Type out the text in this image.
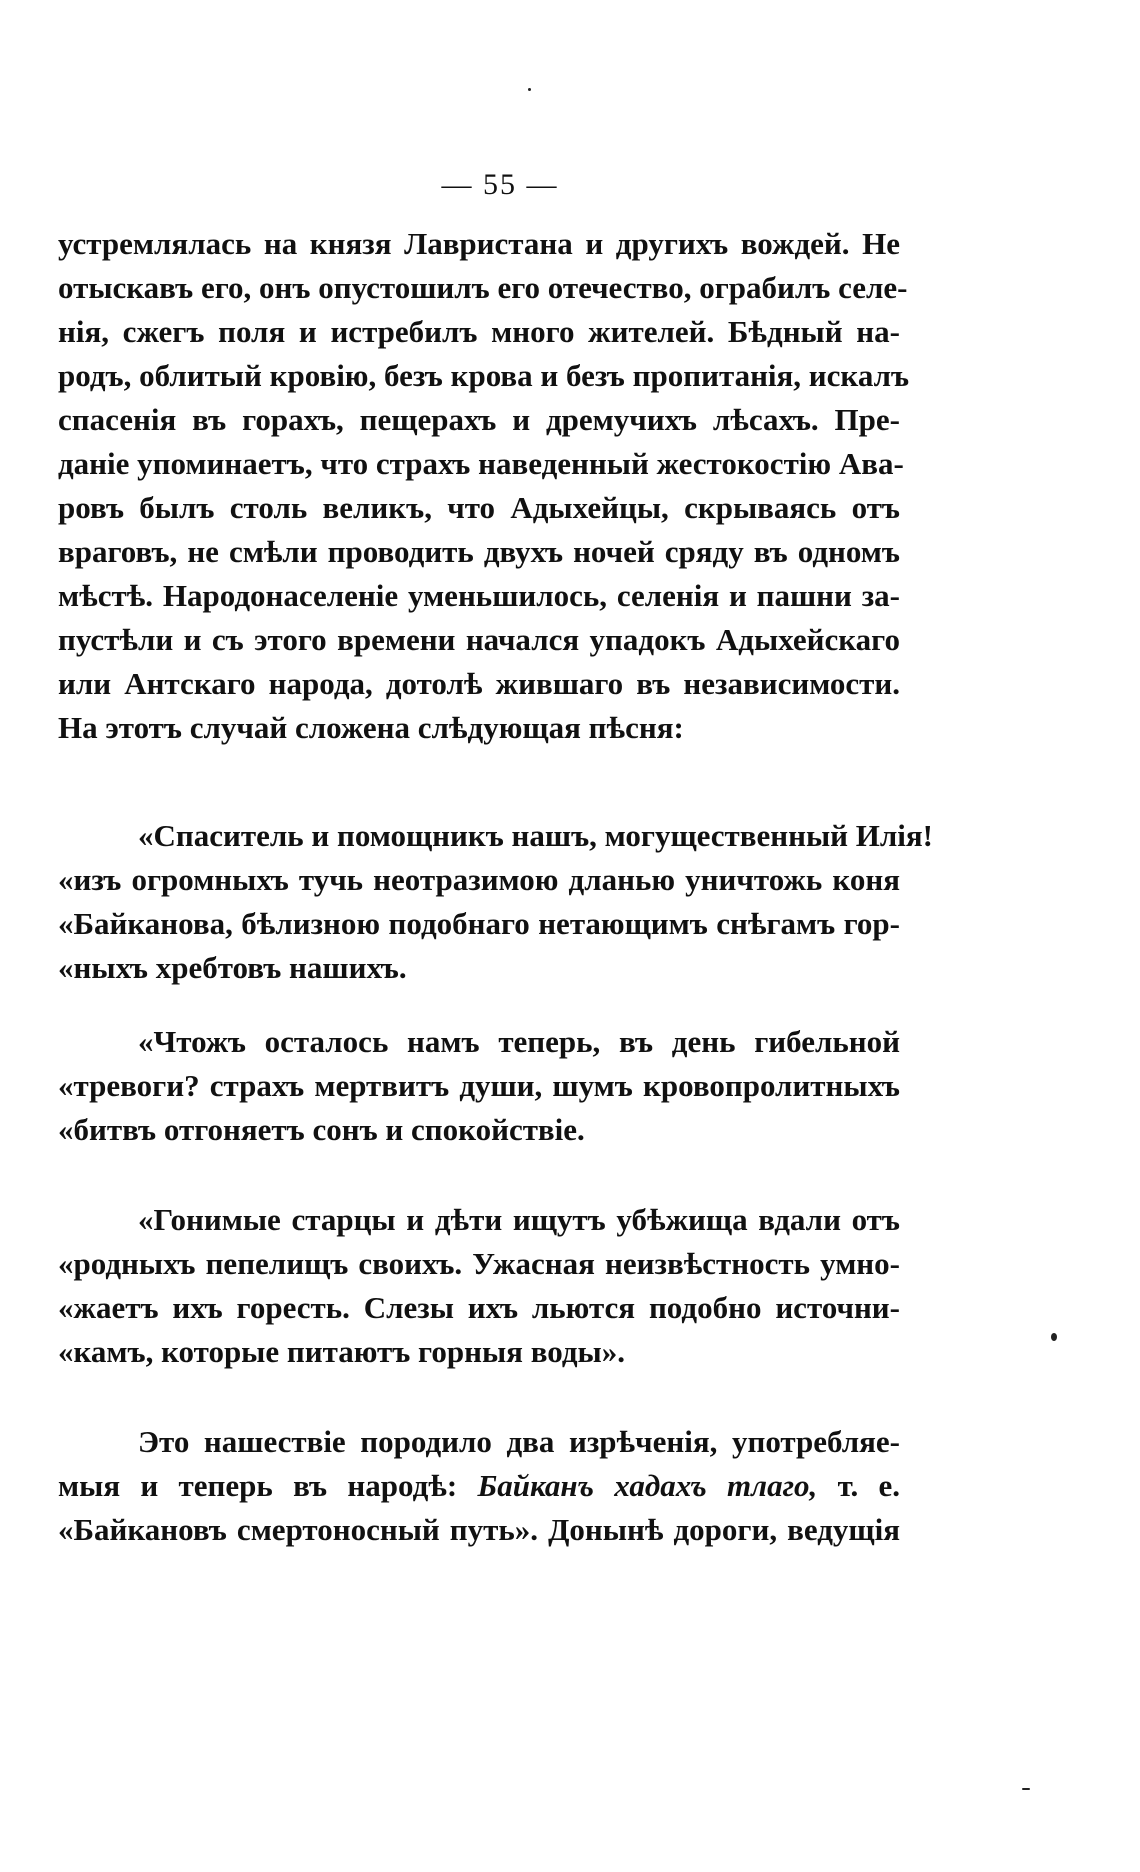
— 55 —
устремлялась на князя Лавристана и другихъ вождей. Не
отыскавъ его, онъ опустошилъ его отечество, ограбилъ селе-
нія, сжегъ поля и истребилъ много жителей. Бѣдный на-
родъ, облитый кровію, безъ крова и безъ пропитанія, искалъ
спасенія въ горахъ, пещерахъ и дремучихъ лѣсахъ. Пре-
даніе упоминаетъ, что страхъ наведенный жестокостію Ава-
ровъ былъ столь великъ, что Адыхейцы, скрываясь отъ
враговъ, не смѣли проводить двухъ ночей сряду въ одномъ
мѣстѣ. Народонаселеніе уменьшилось, селенія и пашни за-
пустѣли и съ этого времени начался упадокъ Адыхейскаго
или Антскаго народа, дотолѣ жившаго въ независимости.
На этотъ случай сложена слѣдующая пѣсня:
«Спаситель и помощникъ нашъ, могущественный Илія!
«изъ огромныхъ тучь неотразимою дланью уничтожь коня
«Байканова, бѣлизною подобнаго нетающимъ снѣгамъ гор-
«ныхъ хребтовъ нашихъ.
«Чтожъ осталось намъ теперь, въ день гибельной
«тревоги? страхъ мертвитъ души, шумъ кровопролитныхъ
«битвъ отгоняетъ сонъ и спокойствіе.
«Гонимые старцы и дѣти ищутъ убѣжища вдали отъ
«родныхъ пепелищъ своихъ. Ужасная неизвѣстность умно-
«жаетъ ихъ горесть. Слезы ихъ льются подобно источни-
«камъ, которые питаютъ горныя воды».
Это нашествіе породило два изрѣченія, употребляе-
мыя и теперь въ народѣ: Байканъ хадахъ тлаго, т. е.
«Байкановъ смертоносный путь». Донынѣ дороги, ведущія
